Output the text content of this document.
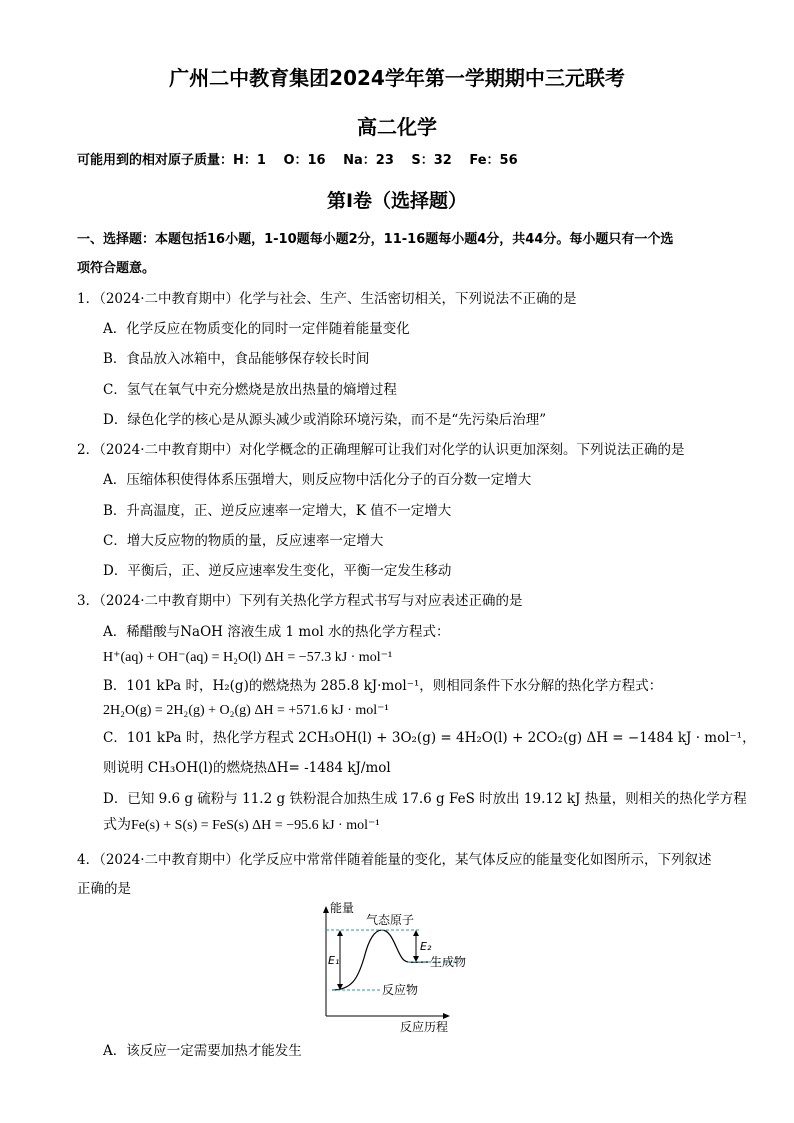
广州二中教育集团2024学年第一学期期中三元联考
高二化学
可能用到的相对原子质量：H：1　 O：16　 Na：23　 S：32　 Fe：56
第I卷（选择题）
一、选择题：本题包括16小题，1-10题每小题2分，11-16题每小题4分，共44分。每小题只有一个选
项符合题意。
1．（2024·二中教育期中）化学与社会、生产、生活密切相关，下列说法不正确的是
A．化学反应在物质变化的同时一定伴随着能量变化
B．食品放入冰箱中，食品能够保存较长时间
C．氢气在氧气中充分燃烧是放出热量的熵增过程
D．绿色化学的核心是从源头减少或消除环境污染，而不是“先污染后治理”
2．（2024·二中教育期中）对化学概念的正确理解可让我们对化学的认识更加深刻。下列说法正确的是
A．压缩体积使得体系压强增大，则反应物中活化分子的百分数一定增大
B．升高温度，正、逆反应速率一定增大，K 值不一定增大
C．增大反应物的物质的量，反应速率一定增大
D．平衡后，正、逆反应速率发生变化，平衡一定发生移动
3．（2024·二中教育期中）下列有关热化学方程式书写与对应表述正确的是
A．稀醋酸与NaOH 溶液生成 1 mol 水的热化学方程式：
H⁺(aq) + OH⁻(aq) = H₂O(l) ΔH = −57.3 kJ · mol⁻¹
B．101 kPa 时，H₂(g)的燃烧热为 285.8 kJ·mol⁻¹，则相同条件下水分解的热化学方程式：
2H₂O(g) = 2H₂(g) + O₂(g) ΔH = +571.6 kJ · mol⁻¹
C．101 kPa 时，热化学方程式 2CH₃OH(l) + 3O₂(g) = 4H₂O(l) + 2CO₂(g) ΔH = −1484 kJ · mol⁻¹，
则说明 CH₃OH(l)的燃烧热ΔH= -1484 kJ/mol
D．已知 9.6 g 硫粉与 11.2 g 铁粉混合加热生成 17.6 g FeS 时放出 19.12 kJ 热量，则相关的热化学方程
式为Fe(s) + S(s) = FeS(s) ΔH = −95.6 kJ · mol⁻¹
4．（2024·二中教育期中）化学反应中常常伴随着能量的变化，某气体反应的能量变化如图所示，下列叙述
正确的是
能量
反应历程
气态原子
E₁
E₂
生成物
反应物
A．该反应一定需要加热才能发生
